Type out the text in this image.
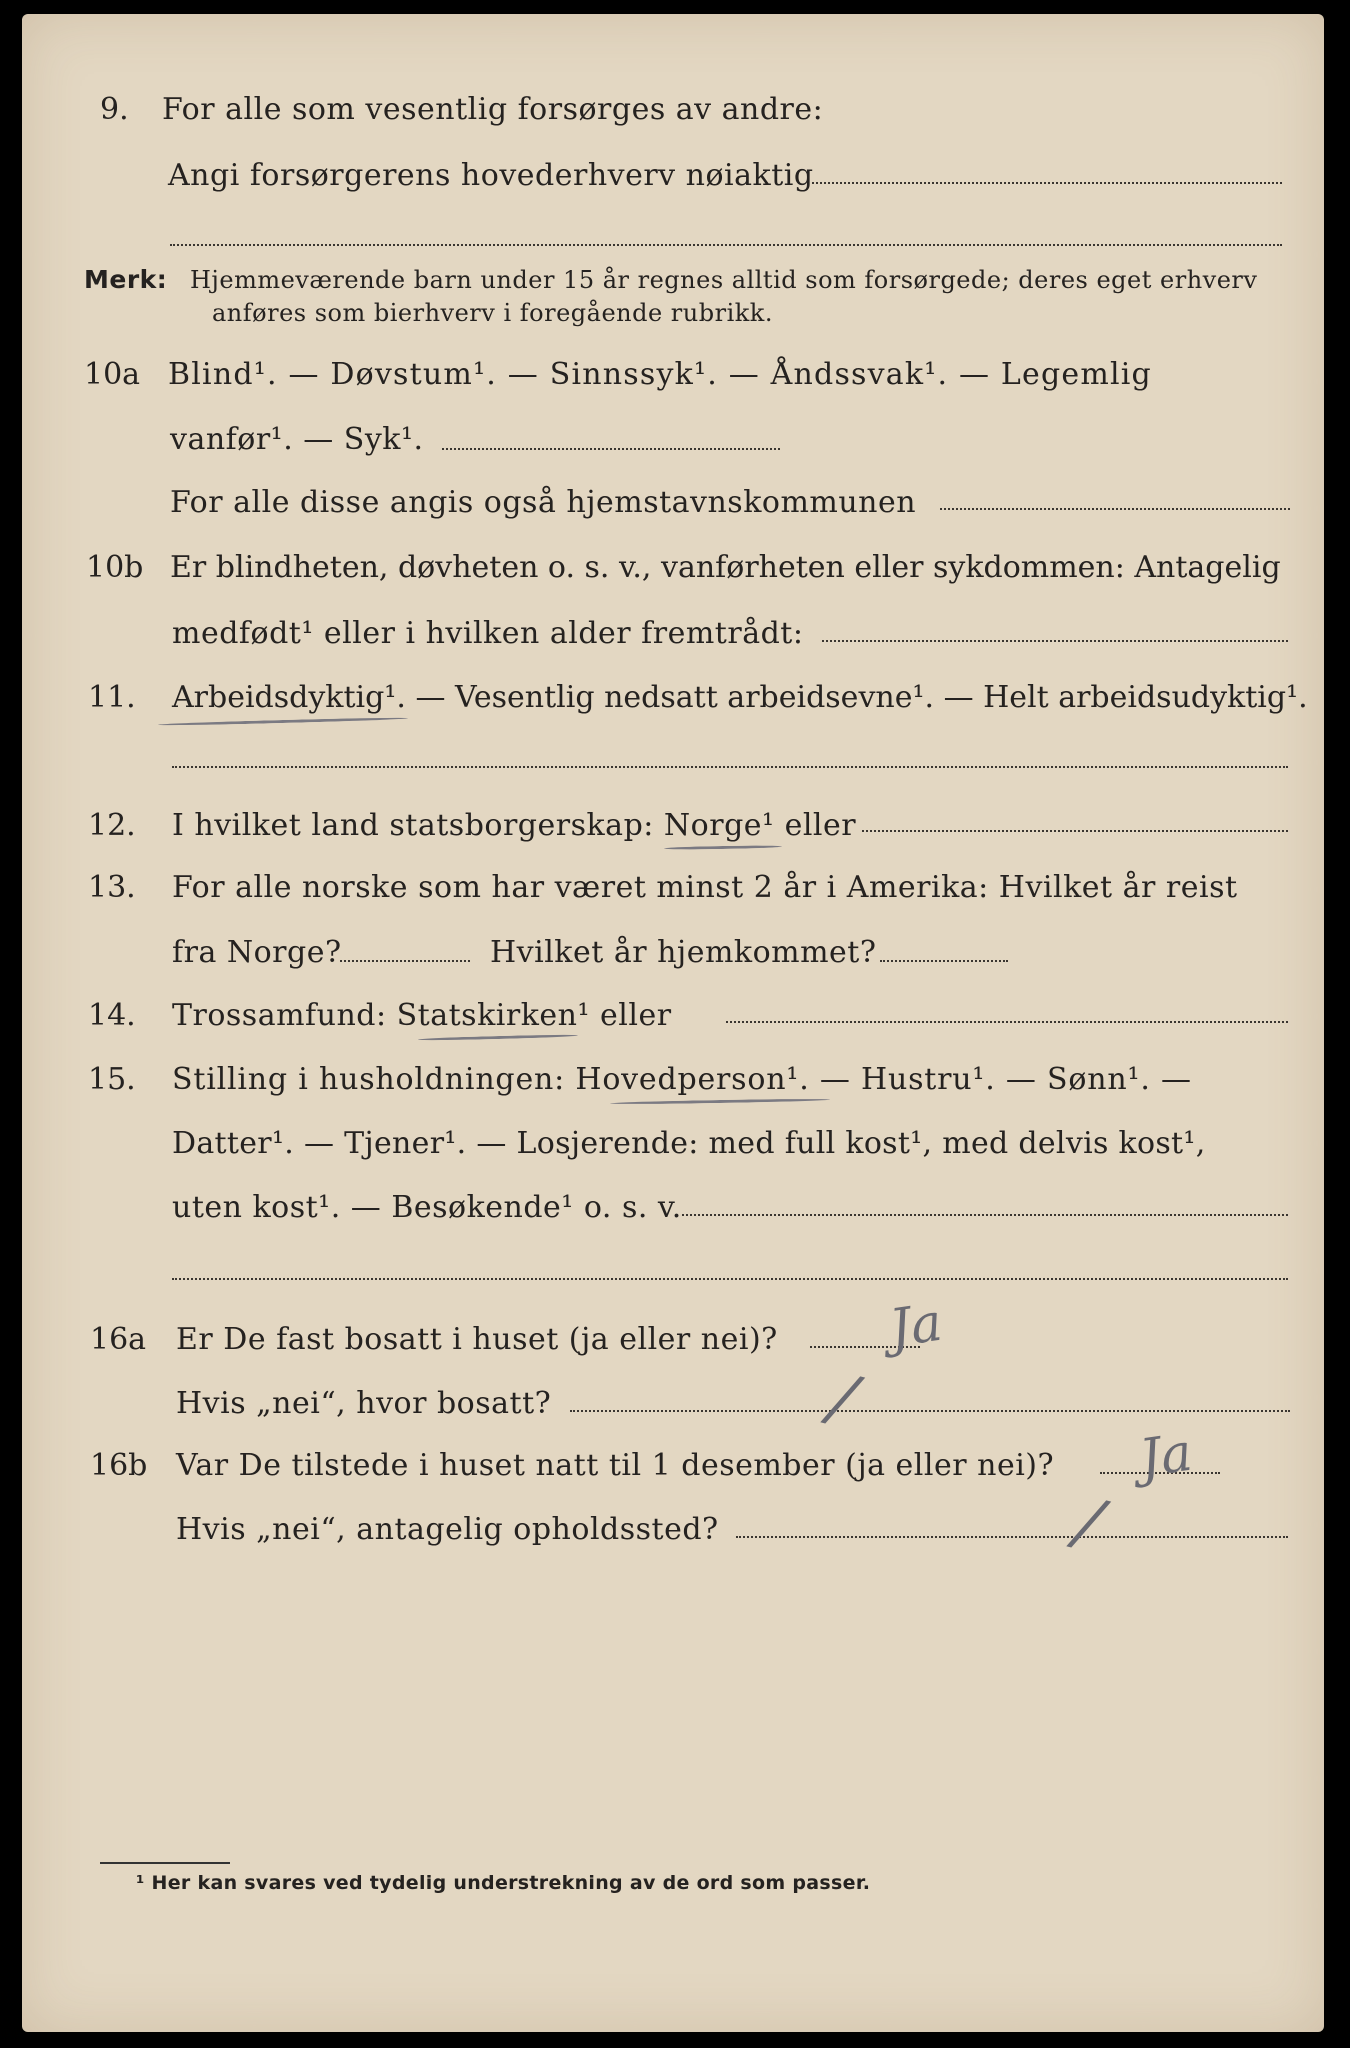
9. For alle som vesentlig forsørges av andre:
Angi forsørgerens hovederhverv nøiaktig
Merk: Hjemmeværende barn under 15 år regnes alltid som forsørgede; deres eget erhverv
anføres som bierhverv i foregående rubrikk.
10a Blind¹. — Døvstum¹. — Sinnssyk¹. — Åndssvak¹. — Legemlig
vanfør¹. — Syk¹.
For alle disse angis også hjemstavnskommunen
10b Er blindheten, døvheten o. s. v., vanførheten eller sykdommen: Antagelig
medfødt¹ eller i hvilken alder fremtrådt:
11. Arbeidsdyktig¹. — Vesentlig nedsatt arbeidsevne¹. — Helt arbeidsudyktig¹.
12. I hvilket land statsborgerskap: Norge¹ eller
13. For alle norske som har været minst 2 år i Amerika: Hvilket år reist
fra Norge?	Hvilket år hjemkommet?
14. Trossamfund: Statskirken¹ eller
15. Stilling i husholdningen: Hovedperson¹. — Hustru¹. — Sønn¹. —
Datter¹. — Tjener¹. — Losjerende: med full kost¹, med delvis kost¹,
uten kost¹. — Besøkende¹ o. s. v.
16a Er De fast bosatt i huset (ja eller nei)? Ja
Hvis „nei“, hvor bosatt?	/
16b Var De tilstede i huset natt til 1 desember (ja eller nei)? Ja
Hvis „nei“, antagelig opholdssted?	/
¹ Her kan svares ved tydelig understrekning av de ord som passer.
